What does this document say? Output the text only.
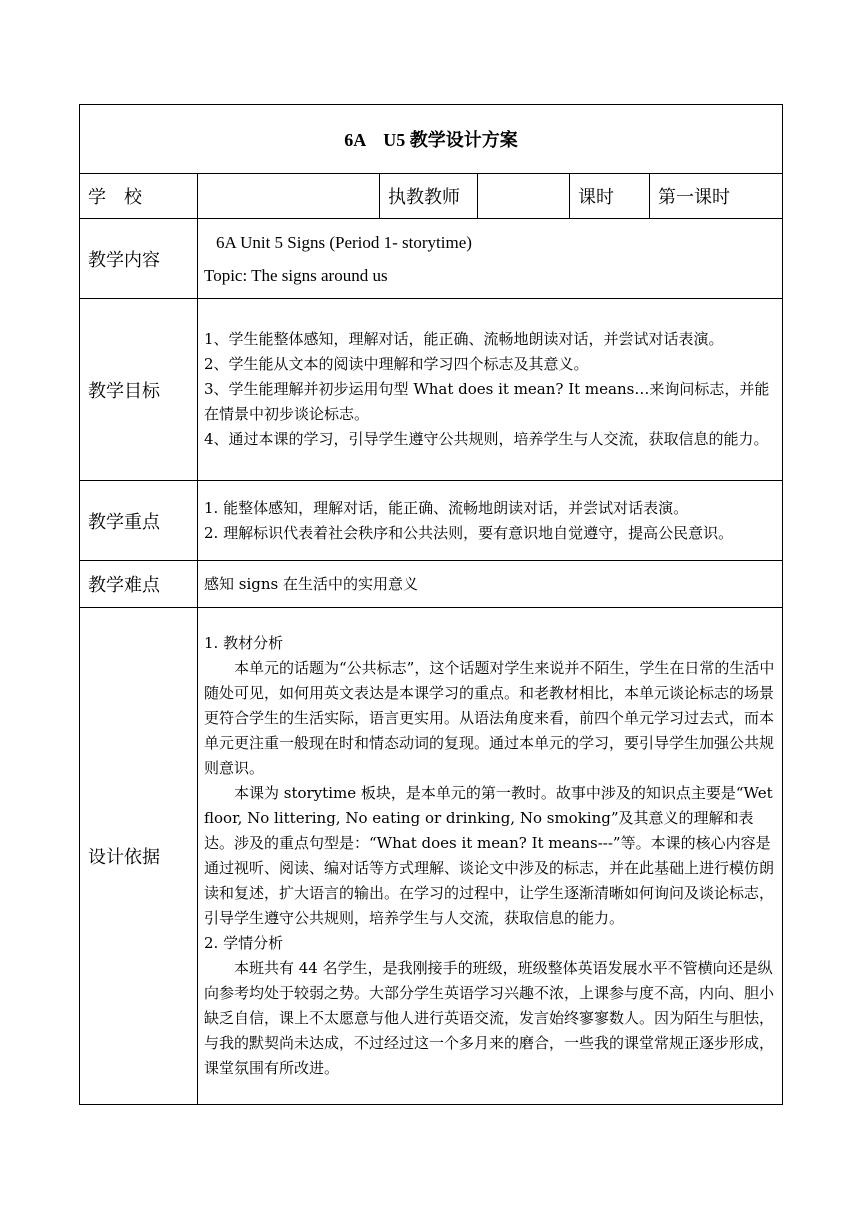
6A　U5 教学设计方案					
学　校		执教教师		课时	第一课时
教学内容	6A Unit 5 Signs (Period 1- storytime)

Topic: The signs around us				

教学目标	1、学生能整体感知，理解对话，能正确、流畅地朗读对话，并尝试对话表演。

2、学生能从文本的阅读中理解和学习四个标志及其意义。

3、学生能理解并初步运用句型 What does it mean? It means…来询问标志，并能在情景中初步谈论标志。

4、通过本课的学习，引导学生遵守公共规则，培养学生与人交流，获取信息的能力。				

教学重点	1. 能整体感知，理解对话，能正确、流畅地朗读对话，并尝试对话表演。

2. 理解标识代表着社会秩序和公共法则，要有意识地自觉遵守，提高公民意识。				

教学难点	感知 signs 在生活中的实用意义				
设计依据	1. 教材分析

本单元的话题为“公共标志”，这个话题对学生来说并不陌生，学生在日常的生活中随处可见，如何用英文表达是本课学习的重点。和老教材相比，本单元谈论标志的场景更符合学生的生活实际，语言更实用。从语法角度来看，前四个单元学习过去式，而本单元更注重一般现在时和情态动词的复现。通过本单元的学习，要引导学生加强公共规则意识。

本课为 storytime 板块，是本单元的第一教时。故事中涉及的知识点主要是“Wet floor, No littering, No eating or drinking, No smoking”及其意义的理解和表达。涉及的重点句型是：“What does it mean? It means---”等。本课的核心内容是通过视听、阅读、编对话等方式理解、谈论文中涉及的标志，并在此基础上进行模仿朗读和复述，扩大语言的输出。在学习的过程中，让学生逐渐清晰如何询问及谈论标志，引导学生遵守公共规则，培养学生与人交流，获取信息的能力。

2. 学情分析

本班共有 44 名学生，是我刚接手的班级，班级整体英语发展水平不管横向还是纵向参考均处于较弱之势。大部分学生英语学习兴趣不浓，上课参与度不高，内向、胆小缺乏自信，课上不太愿意与他人进行英语交流，发言始终寥寥数人。因为陌生与胆怯，与我的默契尚未达成，不过经过这一个多月来的磨合，一些我的课堂常规正逐步形成，课堂氛围有所改进。				
